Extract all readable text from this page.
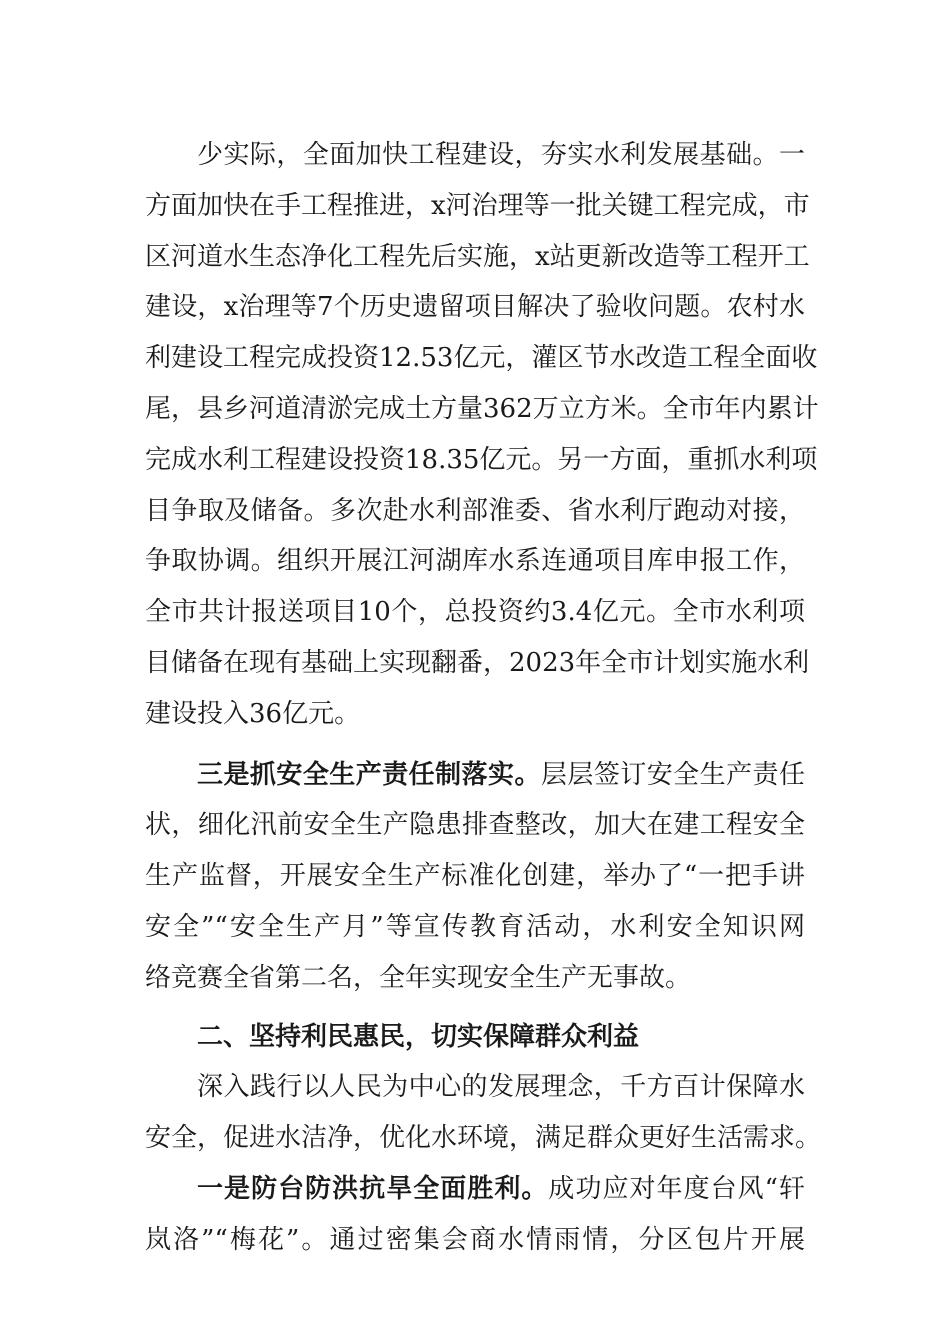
少实际，全面加快工程建设，夯实水利发展基础。一
方面加快在手工程推进，x河治理等一批关键工程完成，市
区河道水生态净化工程先后实施，x站更新改造等工程开工
建设，x治理等7个历史遗留项目解决了验收问题。农村水
利建设工程完成投资12.53亿元，灌区节水改造工程全面收
尾，县乡河道清淤完成土方量362万立方米。全市年内累计
完成水利工程建设投资18.35亿元。另一方面，重抓水利项
目争取及储备。多次赴水利部淮委、省水利厅跑动对接，
争取协调。组织开展江河湖库水系连通项目库申报工作，
全市共计报送项目10个，总投资约3.4亿元。全市水利项
目储备在现有基础上实现翻番，2023年全市计划实施水利
建设投入36亿元。
三是抓安全生产责任制落实。层层签订安全生产责任
状，细化汛前安全生产隐患排查整改，加大在建工程安全
生产监督，开展安全生产标准化创建，举办了“一把手讲
安全”“安全生产月”等宣传教育活动，水利安全知识网
络竞赛全省第二名，全年实现安全生产无事故。
二、坚持利民惠民，切实保障群众利益
深入践行以人民为中心的发展理念，千方百计保障水
安全，促进水洁净，优化水环境，满足群众更好生活需求。
一是防台防洪抗旱全面胜利。成功应对年度台风“轩
岚洛”“梅花”。通过密集会商水情雨情，分区包片开展
